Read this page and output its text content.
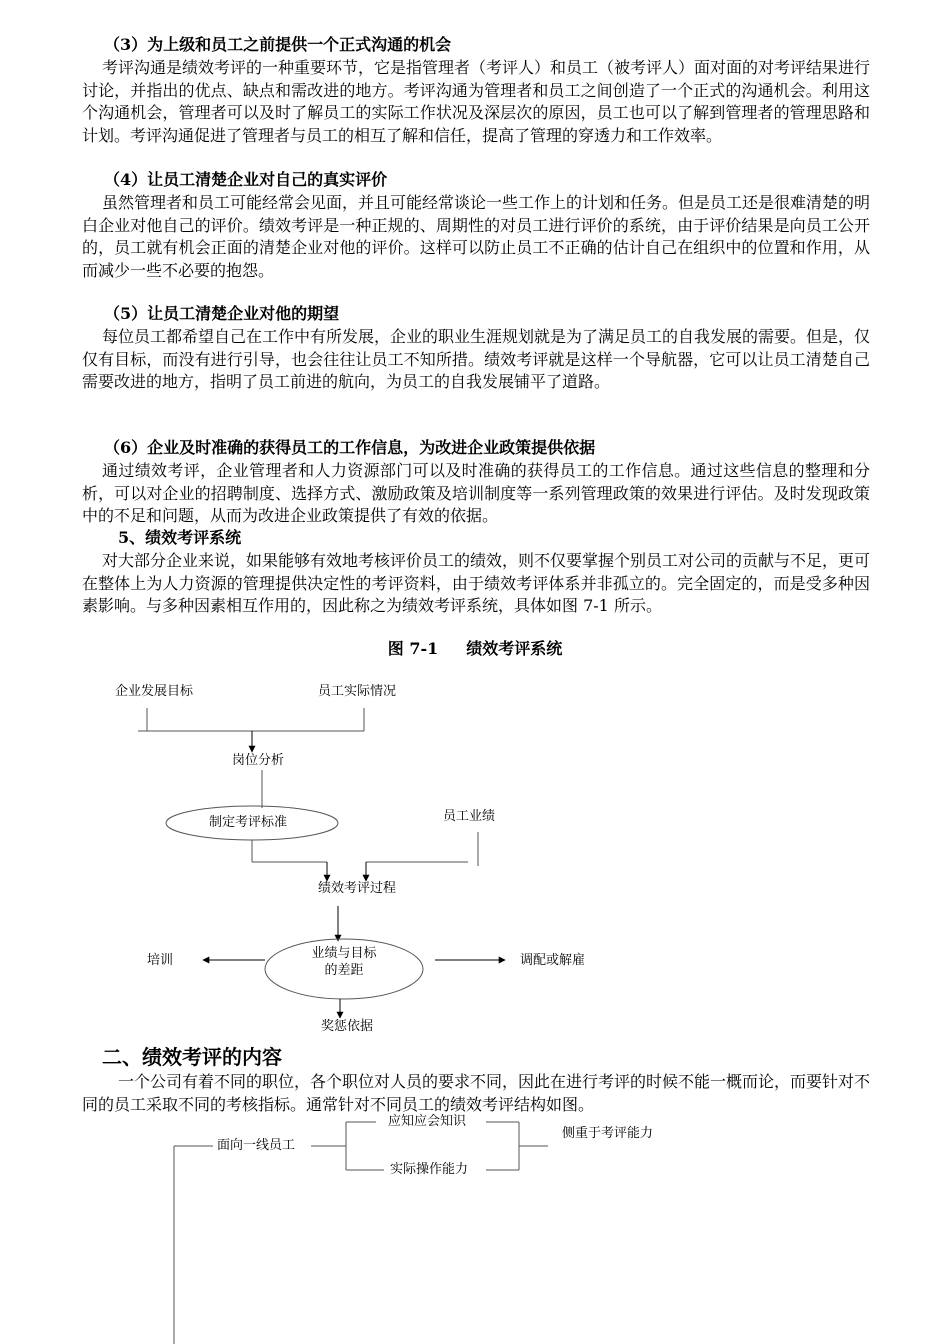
（3）为上级和员工之前提供一个正式沟通的机会

考评沟通是绩效考评的一种重要环节，它是指管理者（考评人）和员工（被考评人）面对面的对考评结果进行讨论，并指出的优点、缺点和需改进的地方。考评沟通为管理者和员工之间创造了一个正式的沟通机会。利用这个沟通机会，管理者可以及时了解员工的实际工作状况及深层次的原因，员工也可以了解到管理者的管理思路和计划。考评沟通促进了管理者与员工的相互了解和信任，提高了管理的穿透力和工作效率。

（4）让员工清楚企业对自己的真实评价

虽然管理者和员工可能经常会见面，并且可能经常谈论一些工作上的计划和任务。但是员工还是很难清楚的明白企业对他自己的评价。绩效考评是一种正规的、周期性的对员工进行评价的系统，由于评价结果是向员工公开的，员工就有机会正面的清楚企业对他的评价。这样可以防止员工不正确的估计自己在组织中的位置和作用，从而减少一些不必要的抱怨。

（5）让员工清楚企业对他的期望

每位员工都希望自己在工作中有所发展，企业的职业生涯规划就是为了满足员工的自我发展的需要。但是，仅仅有目标，而没有进行引导，也会往往让员工不知所措。绩效考评就是这样一个导航器，它可以让员工清楚自己需要改进的地方，指明了员工前进的航向，为员工的自我发展铺平了道路。

（6）企业及时准确的获得员工的工作信息，为改进企业政策提供依据

通过绩效考评，企业管理者和人力资源部门可以及时准确的获得员工的工作信息。通过这些信息的整理和分析，可以对企业的招聘制度、选择方式、激励政策及培训制度等一系列管理政策的效果进行评估。及时发现政策中的不足和问题，从而为改进企业政策提供了有效的依据。

5、绩效考评系统

对大部分企业来说，如果能够有效地考核评价员工的绩效，则不仅要掌握个别员工对公司的贡献与不足，更可在整体上为人力资源的管理提供决定性的考评资料，由于绩效考评体系并非孤立的。完全固定的，而是受多种因素影响。与多种因素相互作用的，因此称之为绩效考评系统，具体如图 7-1 所示。

图 7-1 绩效考评系统
企业发展目标	员工实际情况
岗位分析
制定考评标准	员工业绩
绩效考评过程
业绩与目标
的差距
培训	调配或解雇
奖惩依据
二、绩效考评的内容

一个公司有着不同的职位，各个职位对人员的要求不同，因此在进行考评的时候不能一概而论，而要针对不同的员工采取不同的考核指标。通常针对不同员工的绩效考评结构如图。

面向一线员工
应知应会知识
实际操作能力
侧重于考评能力
